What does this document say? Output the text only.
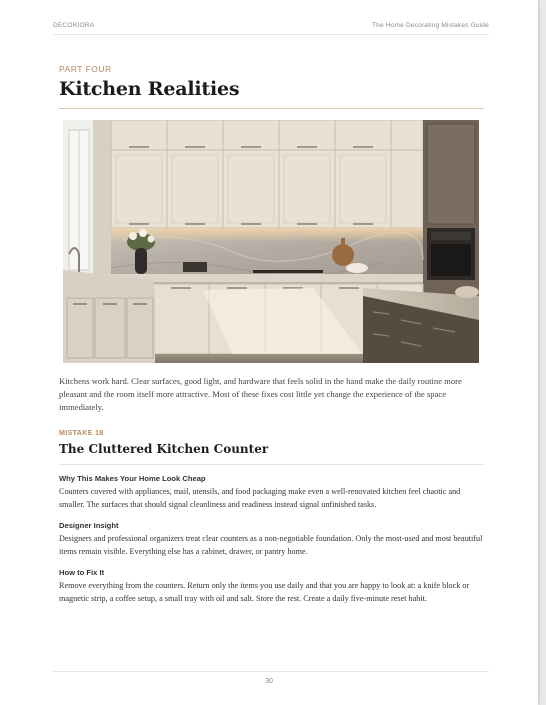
DECORIORA	The Home Decorating Mistakes Guide
PART FOUR
Kitchen Realities
Kitchens work hard. Clear surfaces, good light, and hardware that feels solid in the hand make the daily routine more pleasant and the room itself more attractive. Most of these fixes cost little yet change the experience of the space immediately.
MISTAKE 18
The Cluttered Kitchen Counter
Why This Makes Your Home Look Cheap
Counters covered with appliances, mail, utensils, and food packaging make even a well-renovated kitchen feel chaotic and smaller. The surfaces that should signal cleanliness and readiness instead signal unfinished tasks.
Designer Insight
Designers and professional organizers treat clear counters as a non-negotiable foundation. Only the most-used and most beautiful items remain visible. Everything else has a cabinet, drawer, or pantry home.
How to Fix It
Remove everything from the counters. Return only the items you use daily and that you are happy to look at: a knife block or magnetic strip, a coffee setup, a small tray with oil and salt. Store the rest. Create a daily five-minute reset habit.
30
